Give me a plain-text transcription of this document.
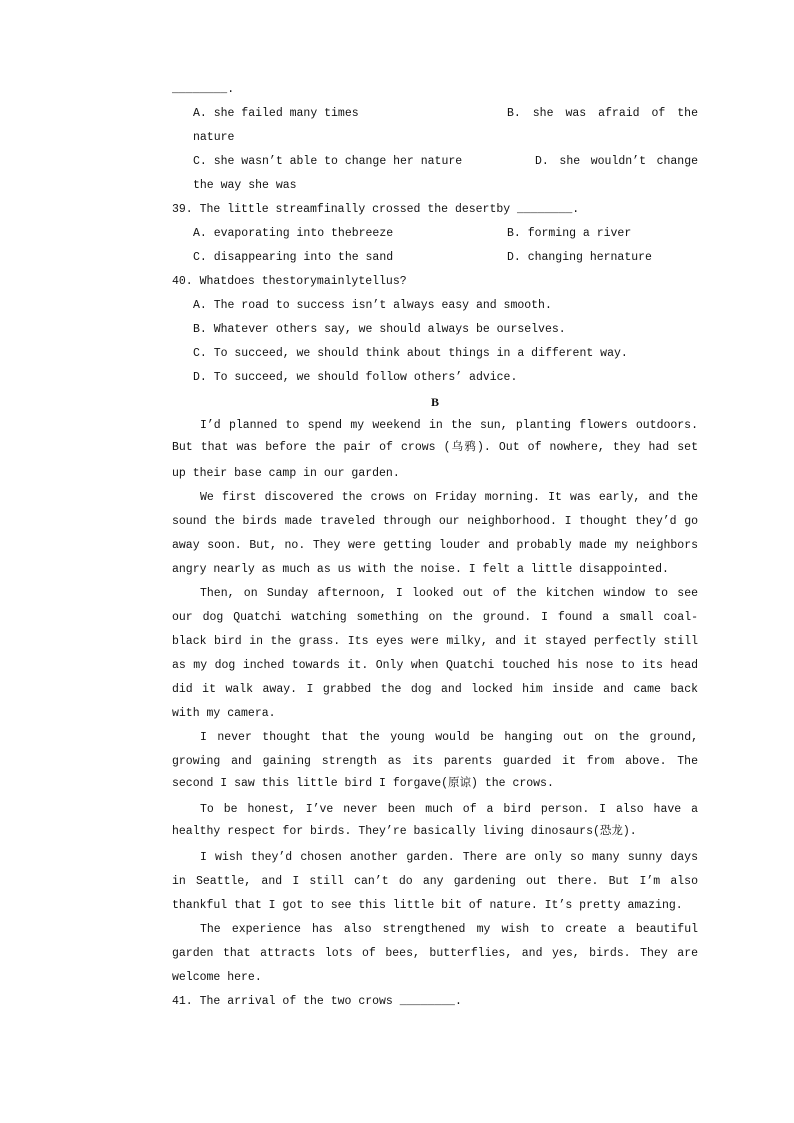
________.
A. she failed many times	B. she was afraid of the
nature
C. she wasn’t able to change her nature	D. she wouldn’t change
the way she was
39. The little streamfinally crossed the desertby ________.
A. evaporating into thebreeze	B. forming a river
C. disappearing into the sand	D. changing hernature
40. Whatdoes thestorymainlytellus?
A. The road to success isn’t always easy and smooth.
B. Whatever others say, we should always be ourselves.
C. To succeed, we should think about things in a different way.
D. To succeed, we should follow others’ advice.
B
I’d planned to spend my weekend in the sun, planting flowers outdoors.
But that was before the pair of crows (乌鸦). Out of nowhere, they had set
up their base camp in our garden.
We first discovered the crows on Friday morning. It was early, and the
sound the birds made traveled through our neighborhood. I thought they’d go
away soon. But, no. They were getting louder and probably made my neighbors
angry nearly as much as us with the noise. I felt a little disappointed.
Then, on Sunday afternoon, I looked out of the kitchen window to see
our dog Quatchi watching something on the ground. I found a small coal-
black bird in the grass. Its eyes were milky, and it stayed perfectly still
as my dog inched towards it. Only when Quatchi touched his nose to its head
did it walk away. I grabbed the dog and locked him inside and came back
with my camera.
I never thought that the young would be hanging out on the ground,
growing and gaining strength as its parents guarded it from above. The
second I saw this little bird I forgave(原谅) the crows.
To be honest, I’ve never been much of a bird person. I also have a
healthy respect for birds. They’re basically living dinosaurs(恐龙).
I wish they’d chosen another garden. There are only so many sunny days
in Seattle, and I still can’t do any gardening out there. But I’m also
thankful that I got to see this little bit of nature. It’s pretty amazing.
The experience has also strengthened my wish to create a beautiful
garden that attracts lots of bees, butterflies, and yes, birds. They are
welcome here.
41. The arrival of the two crows ________.
